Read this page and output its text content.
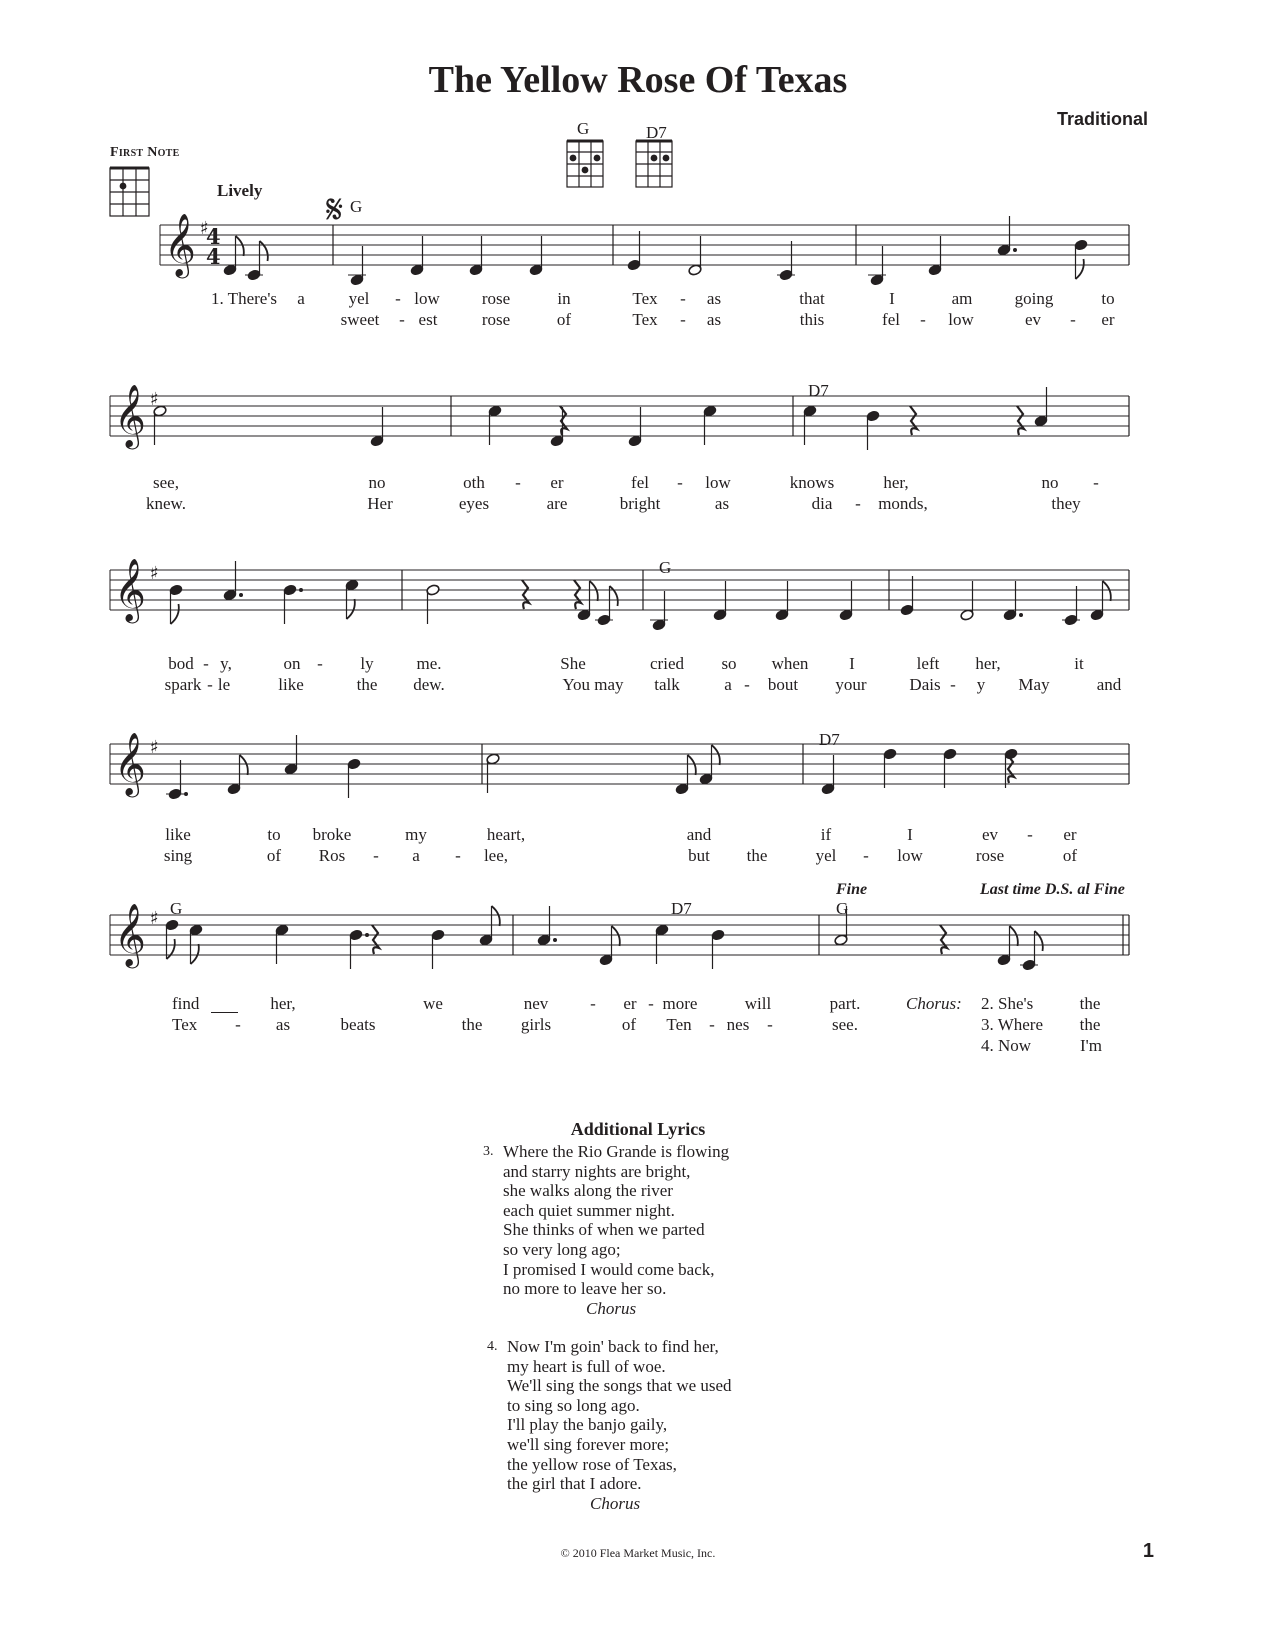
The Yellow Rose Of Texas
Traditional
First Note
Lively
G	D7
𝄋 G
D7
G
D7
G	D7	G
Fine	Last time D.S. al Fine
𝄞 ♯
4
4
𝄞 ♯
𝄞 ♯
𝄞 ♯
𝄞 ♯
1. There's a	yel - low rose	in	Tex - as	that	I	am going	to
sweet - est	rose	of	Tex - as	this	fel - low	ev - er
see,	no	oth - er	fel - low	knows	her,	no -
knew.	Her	eyes	are	bright	as	dia - monds,	they
bod - y,	on - ly	me.	She	cried so when I	left her,	it
spark - le	like	the dew.	You may talk	a - bout your	Dais - y May	and
like	to broke	my	heart,	and	if	I	ev - er
sing	of Ros - a - lee,	but the	yel - low	rose	of
find	her,	we	nev - er - more	will	part.
Tex - as	beats	the girls	of Ten - nes -	see.
Chorus: 2. She's	the
3. Where the
4. Now	I'm
Additional Lyrics
3. Where the Rio Grande is flowing
and starry nights are bright,
she walks along the river
each quiet summer night.
She thinks of when we parted
so very long ago;
I promised I would come back,
no more to leave her so.
Chorus
4. Now I'm goin' back to find her,
my heart is full of woe.
We'll sing the songs that we used
to sing so long ago.
I'll play the banjo gaily,
we'll sing forever more;
the yellow rose of Texas,
the girl that I adore.
Chorus
© 2010 Flea Market Music, Inc.	1
